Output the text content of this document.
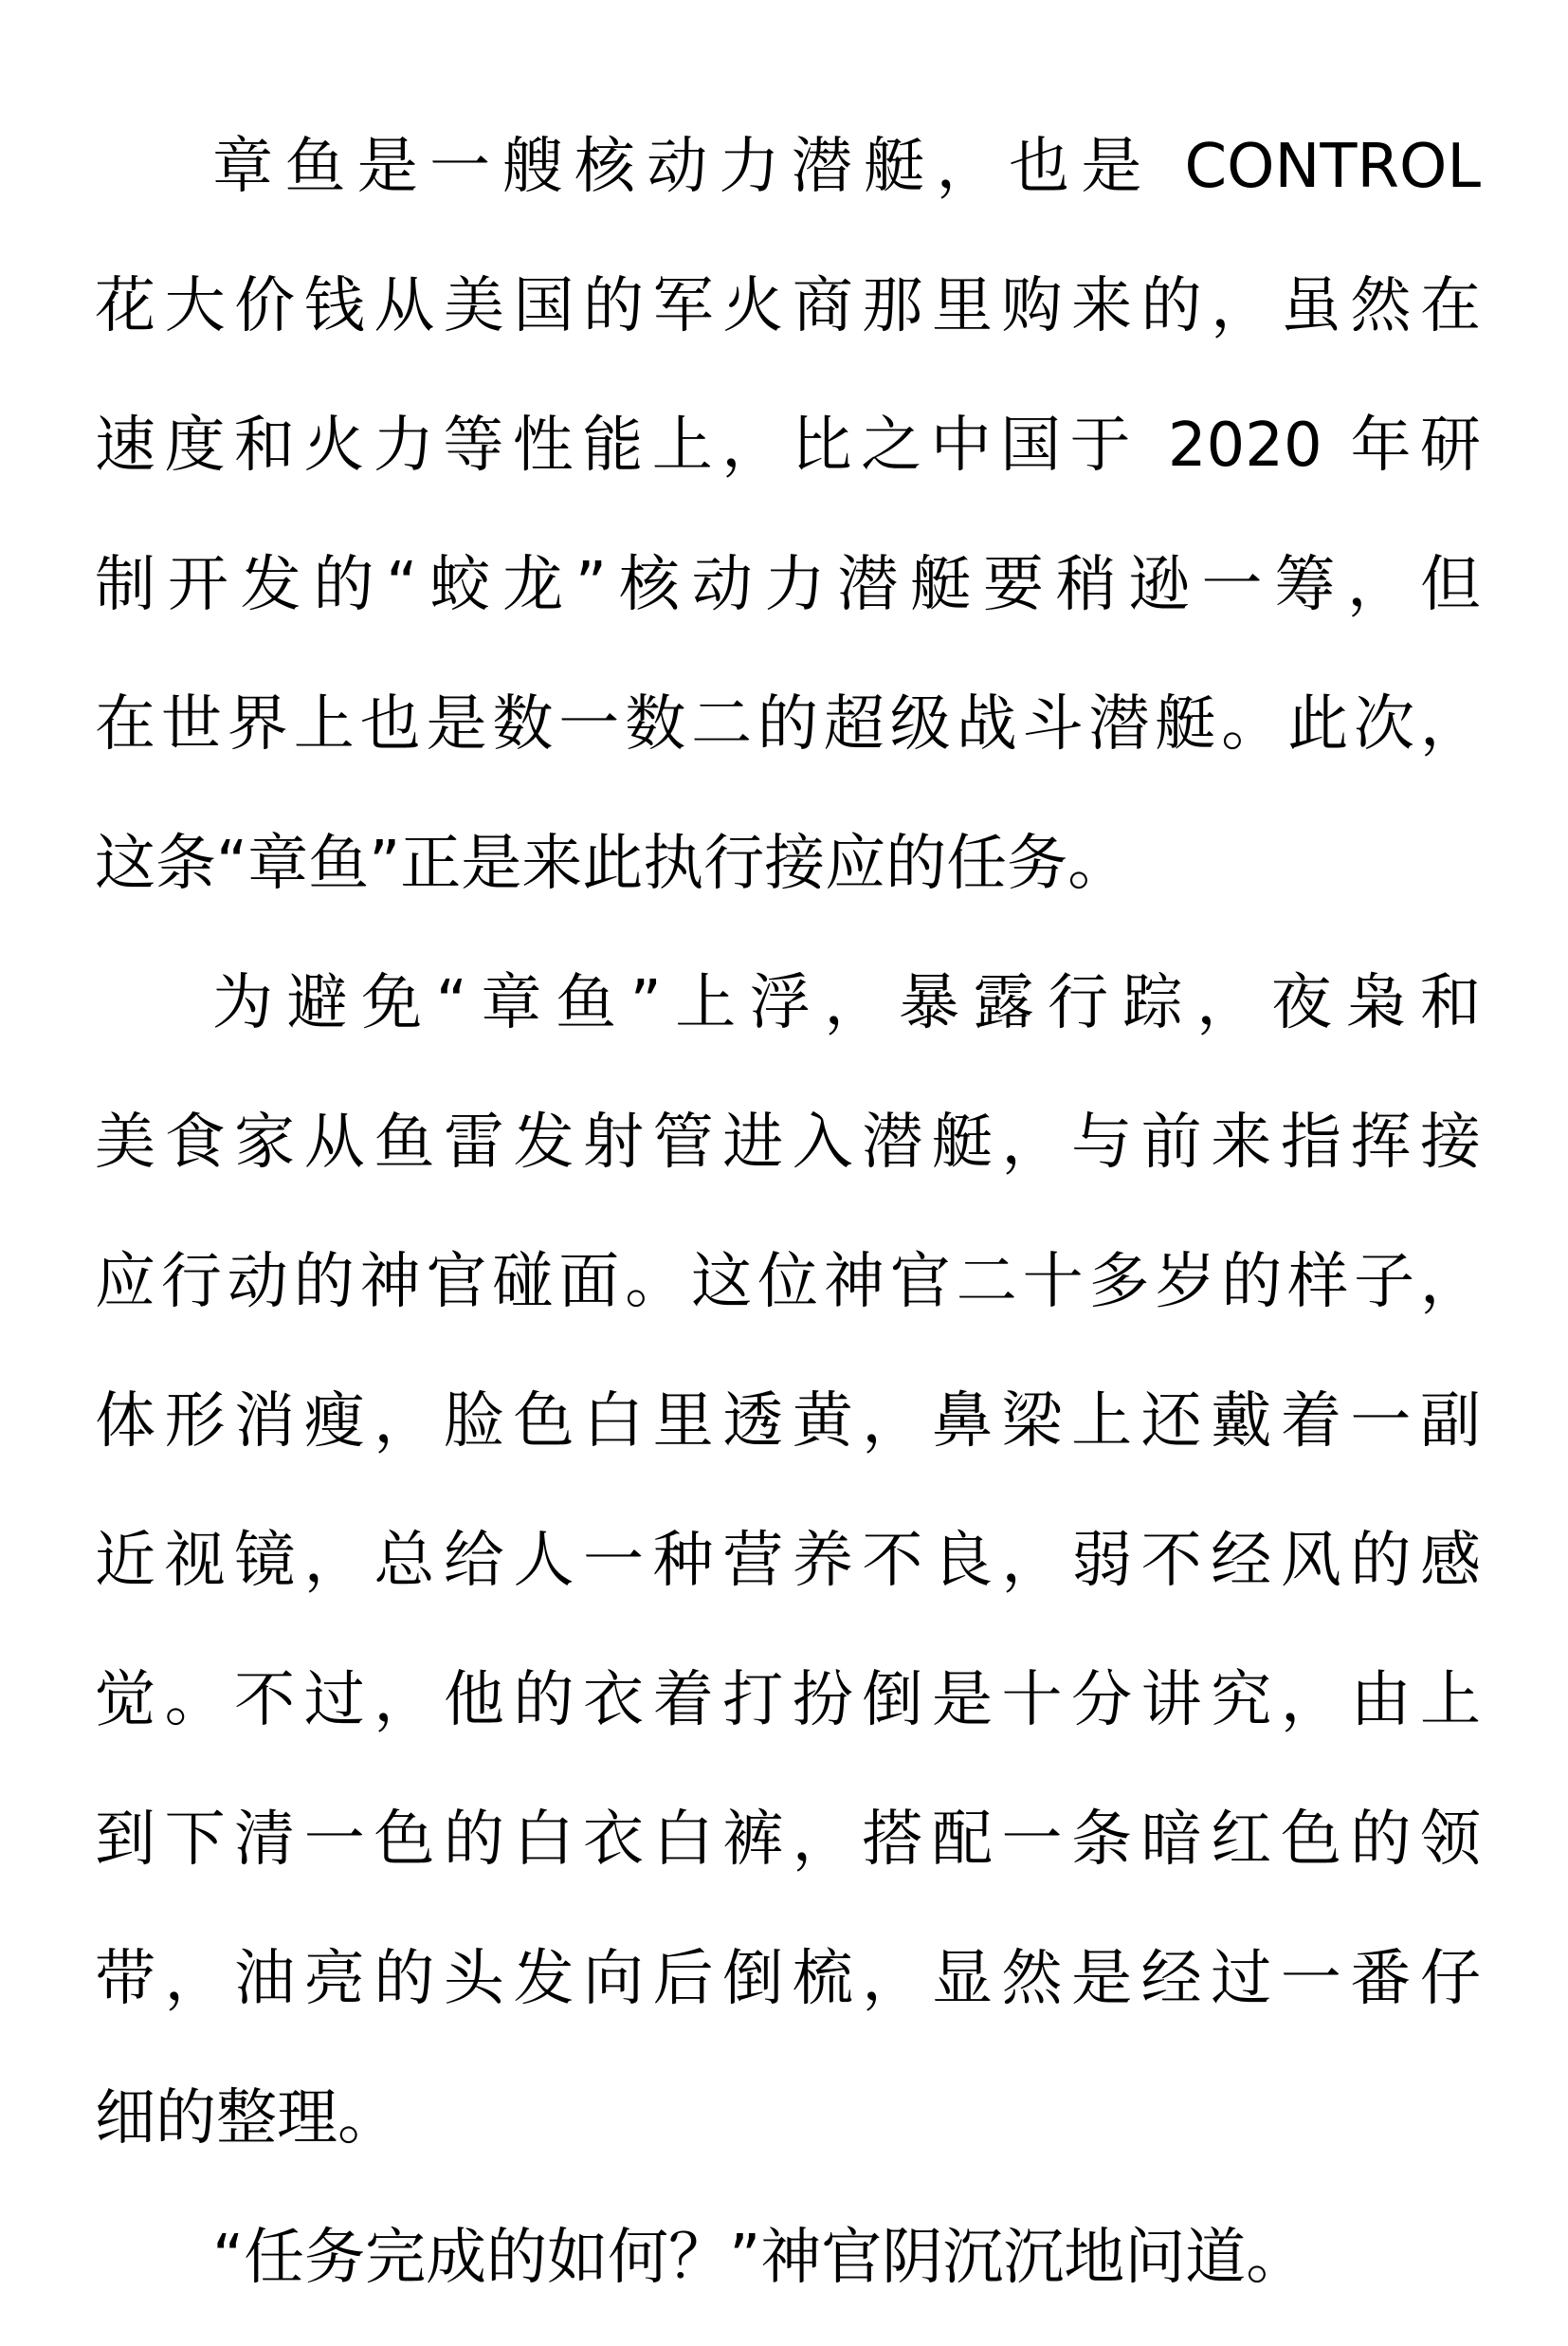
章鱼是一艘核动力潜艇，也是 CONTROL
花大价钱从美国的军火商那里购来的，虽然在
速度和火力等性能上，比之中国于 2020 年研
制开发的“蛟龙”核动力潜艇要稍逊一筹，但
在世界上也是数一数二的超级战斗潜艇。此次，
这条“章鱼”正是来此执行接应的任务。
为避免“章鱼”上浮，暴露行踪，夜枭和
美食家从鱼雷发射管进入潜艇，与前来指挥接
应行动的神官碰面。这位神官二十多岁的样子，
体形消瘦，脸色白里透黄，鼻梁上还戴着一副
近视镜，总给人一种营养不良，弱不经风的感
觉。不过，他的衣着打扮倒是十分讲究，由上
到下清一色的白衣白裤，搭配一条暗红色的领
带，油亮的头发向后倒梳，显然是经过一番仔
细的整理。
“任务完成的如何？”神官阴沉沉地问道。
